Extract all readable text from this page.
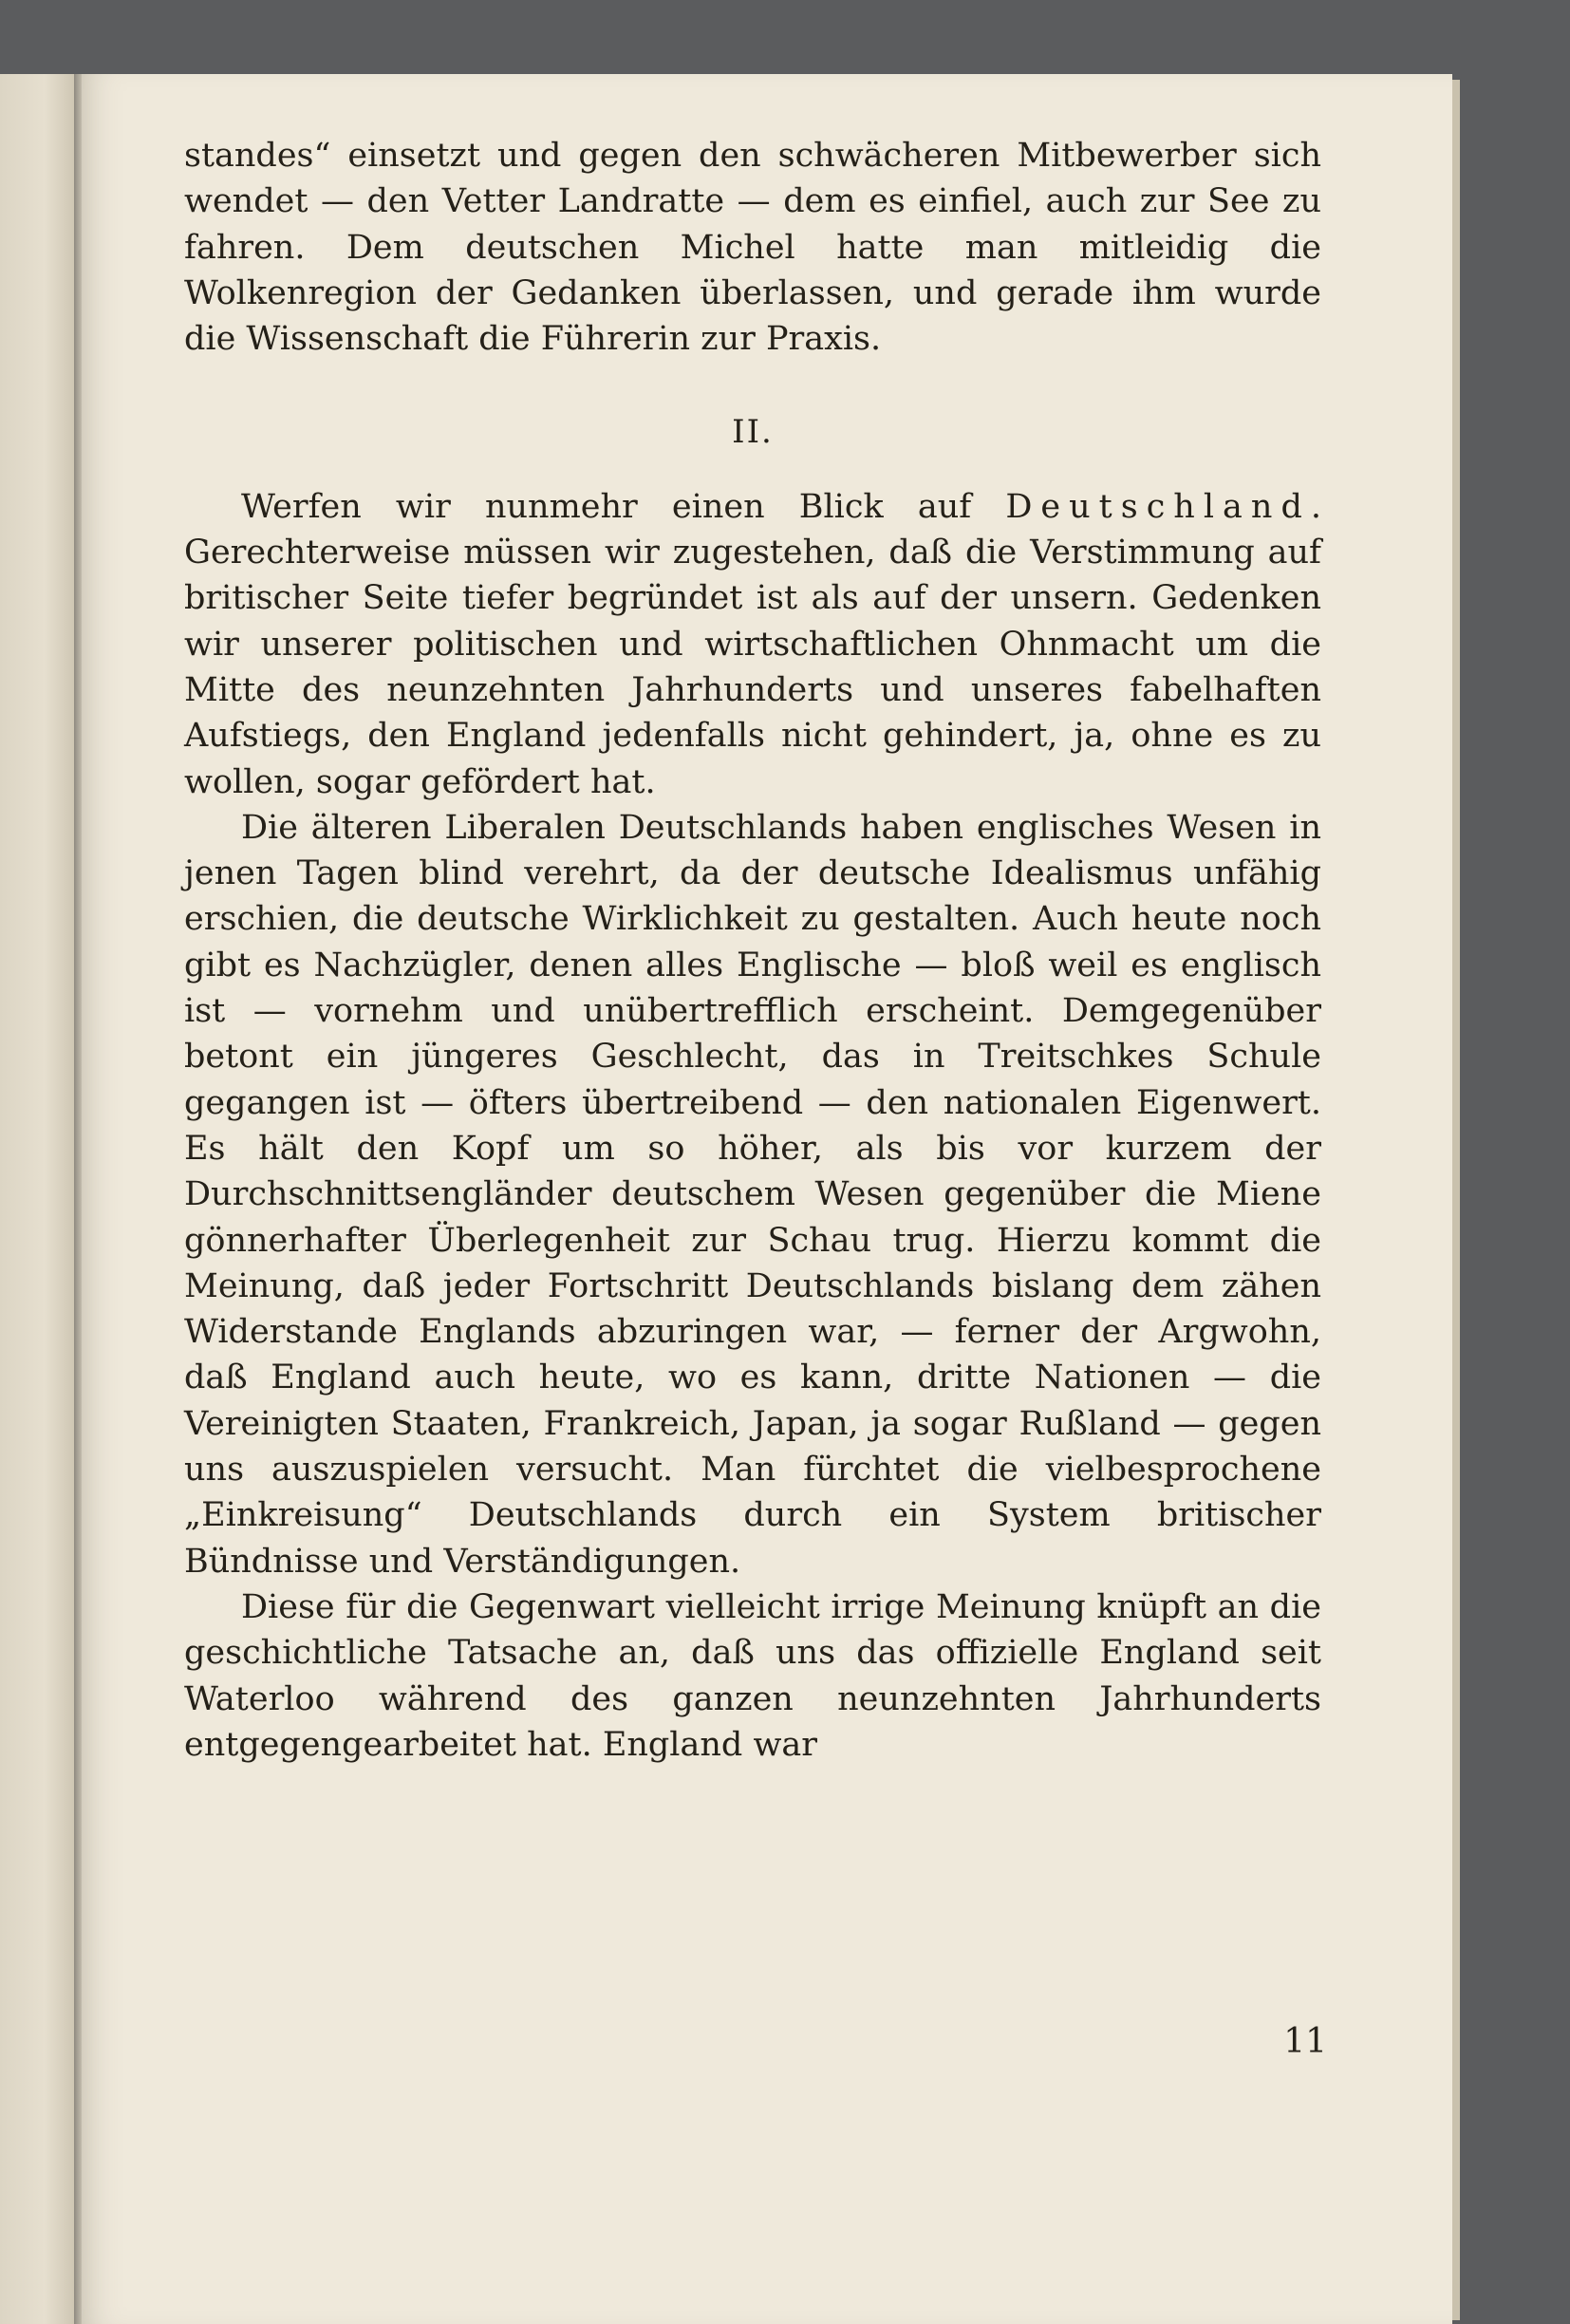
standes“ einsetzt und gegen den schwächeren Mitbewerber sich wendet — den Vetter Landratte — dem es einfiel, auch zur See zu fahren. Dem deutschen Michel hatte man mitleidig die Wolkenregion der Gedanken überlassen, und gerade ihm wurde die Wissenschaft die Führerin zur Praxis.

II.

Werfen wir nunmehr einen Blick auf Deutschland. Gerechterweise müssen wir zugestehen, daß die Verstimmung auf britischer Seite tiefer begründet ist als auf der unsern. Gedenken wir unserer politischen und wirtschaftlichen Ohnmacht um die Mitte des neunzehnten Jahrhunderts und unseres fabelhaften Aufstiegs, den England jedenfalls nicht gehindert, ja, ohne es zu wollen, sogar gefördert hat.

Die älteren Liberalen Deutschlands haben englisches Wesen in jenen Tagen blind verehrt, da der deutsche Idealismus unfähig erschien, die deutsche Wirklichkeit zu gestalten. Auch heute noch gibt es Nachzügler, denen alles Englische — bloß weil es englisch ist — vornehm und unübertrefflich erscheint. Demgegenüber betont ein jüngeres Geschlecht, das in Treitschkes Schule gegangen ist — öfters übertreibend — den nationalen Eigenwert. Es hält den Kopf um so höher, als bis vor kurzem der Durchschnittsengländer deutschem Wesen gegenüber die Miene gönnerhafter Überlegenheit zur Schau trug. Hierzu kommt die Meinung, daß jeder Fortschritt Deutschlands bislang dem zähen Widerstande Englands abzuringen war, — ferner der Argwohn, daß England auch heute, wo es kann, dritte Nationen — die Vereinigten Staaten, Frankreich, Japan, ja sogar Rußland — gegen uns auszuspielen versucht. Man fürchtet die vielbesprochene „Einkreisung“ Deutschlands durch ein System britischer Bündnisse und Verständigungen.

Diese für die Gegenwart vielleicht irrige Meinung knüpft an die geschichtliche Tatsache an, daß uns das offizielle England seit Waterloo während des ganzen neunzehnten Jahrhunderts entgegengearbeitet hat. England war

11
